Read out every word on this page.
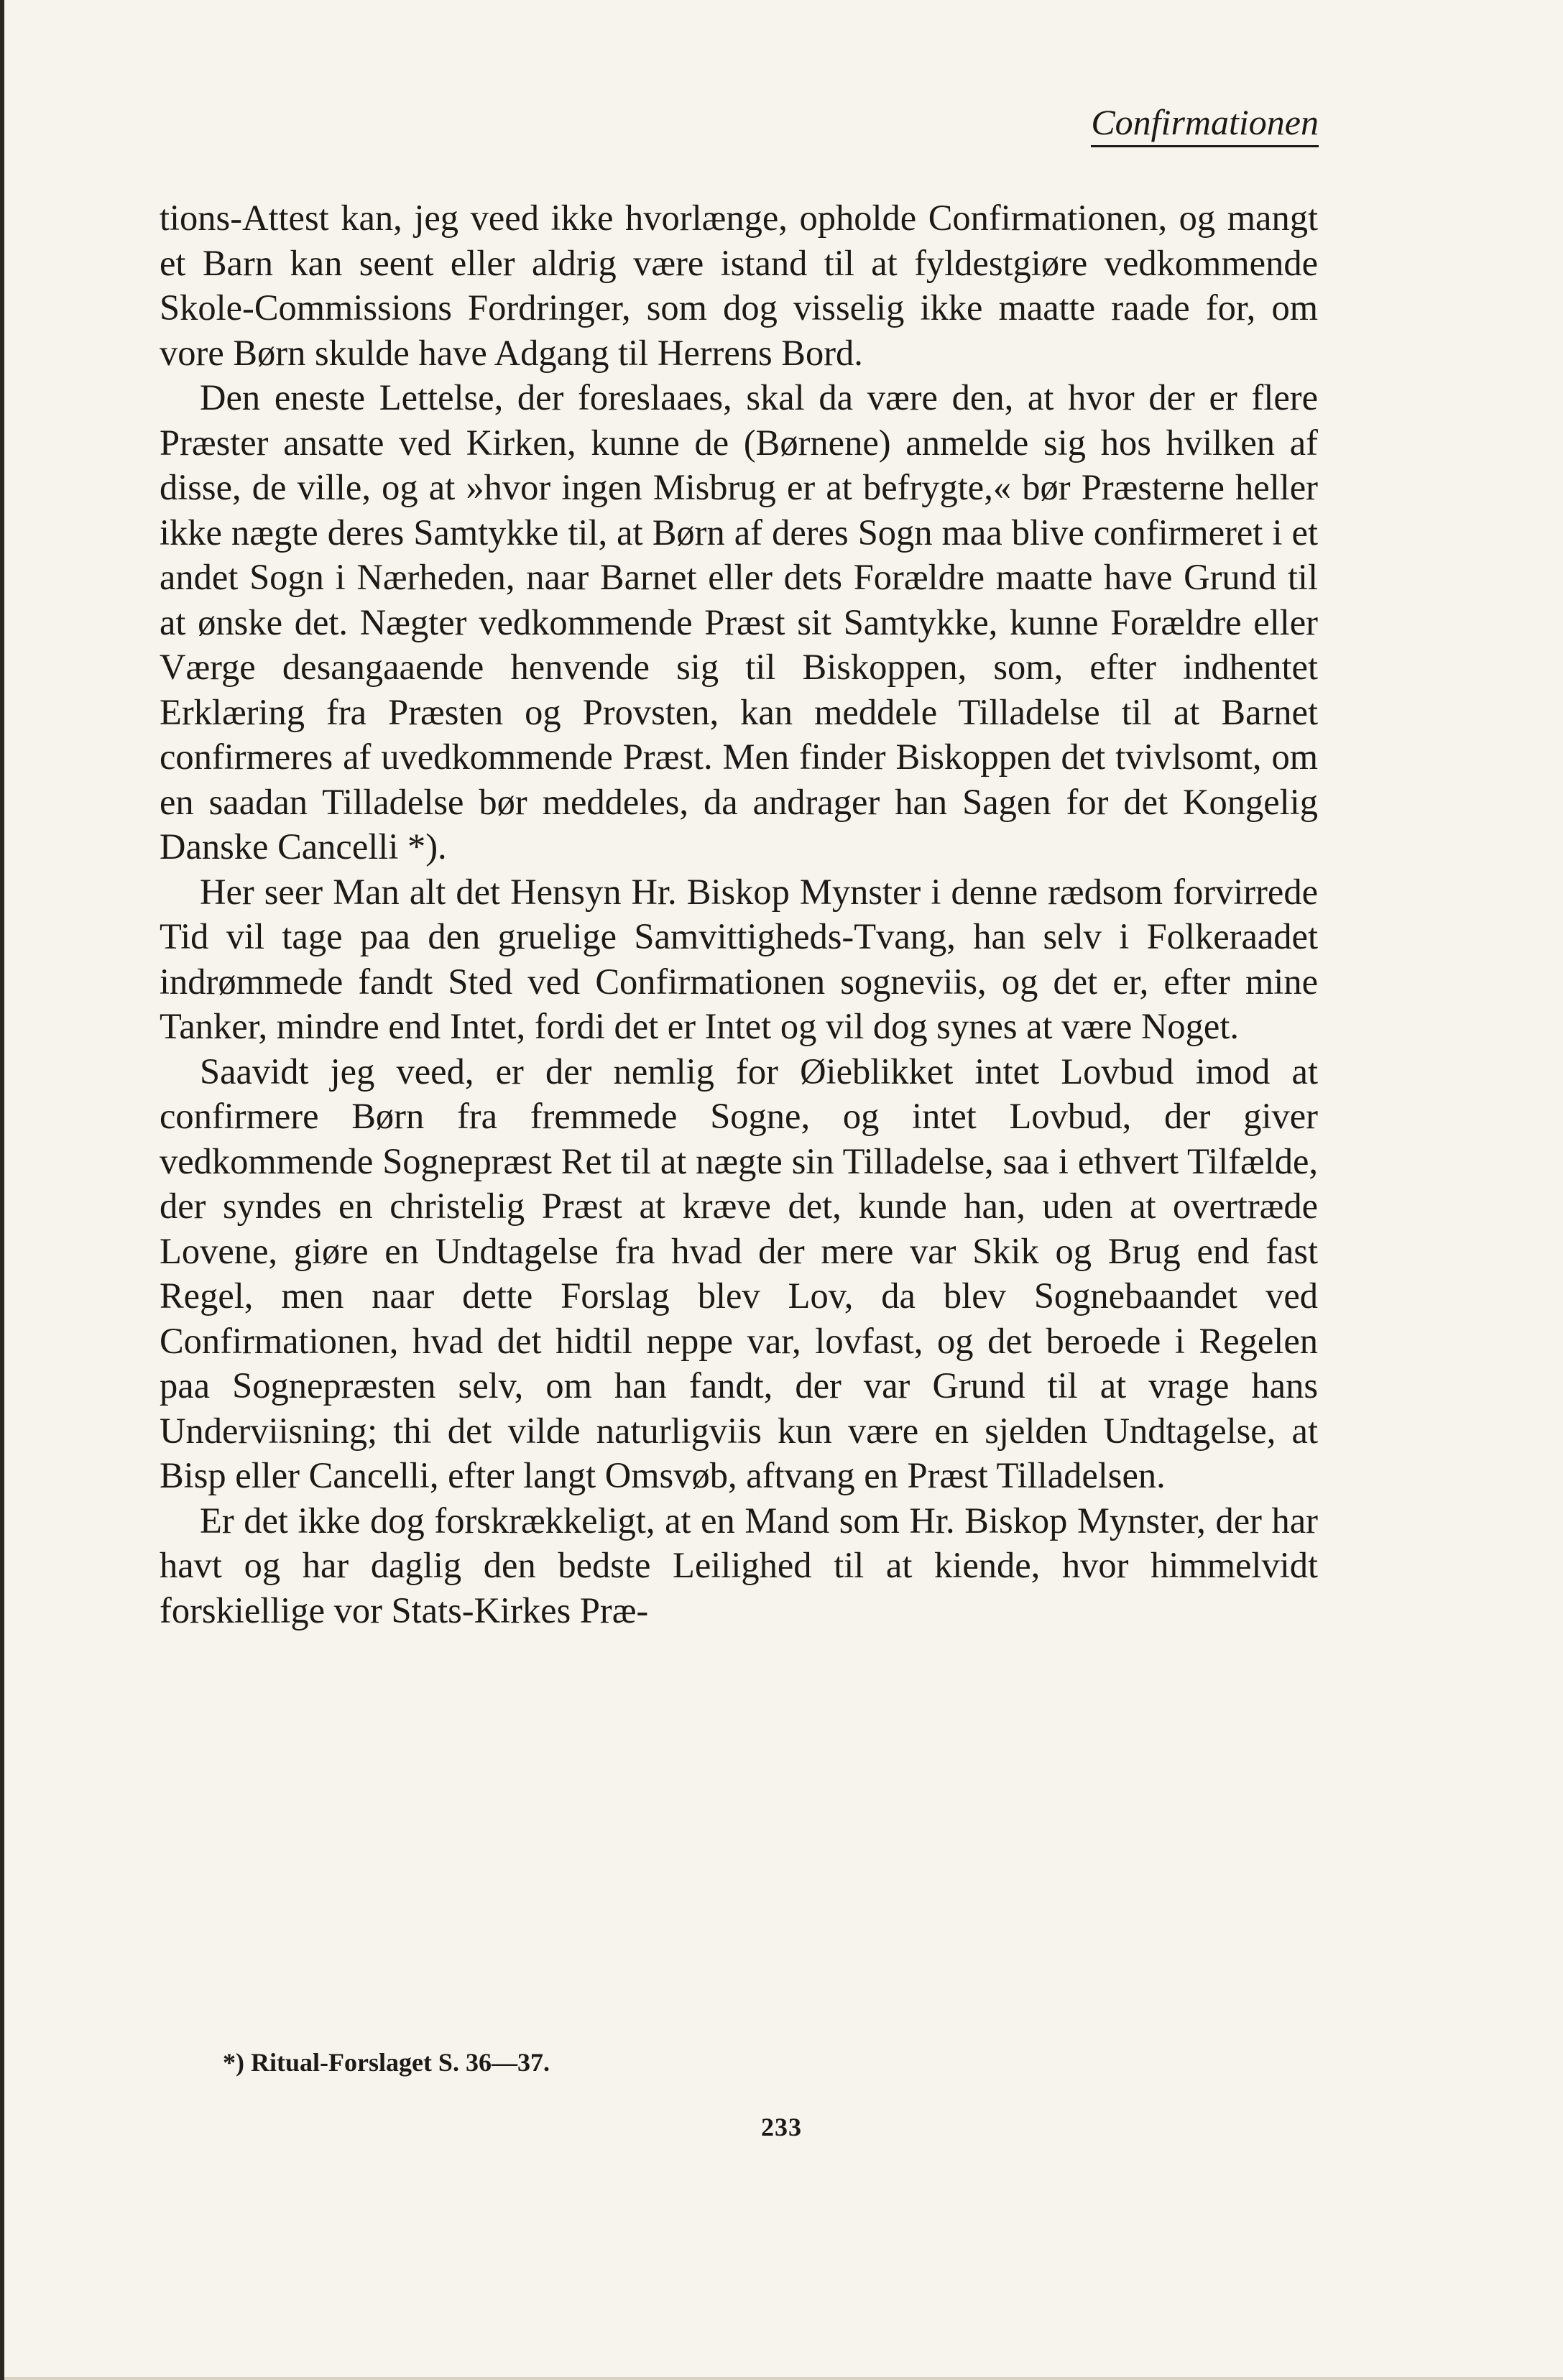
Confirmationen

tions-Attest kan, jeg veed ikke hvorlænge, opholde Confirmationen, og mangt et Barn kan seent eller aldrig være istand til at fyldestgiøre vedkommende Skole-Commissions Fordringer, som dog visselig ikke maatte raade for, om vore Børn skulde have Adgang til Herrens Bord.

Den eneste Lettelse, der foreslaaes, skal da være den, at hvor der er flere Præster ansatte ved Kirken, kunne de (Børnene) anmelde sig hos hvilken af disse, de ville, og at »hvor ingen Misbrug er at befrygte,« bør Præsterne heller ikke nægte deres Samtykke til, at Børn af deres Sogn maa blive confirmeret i et andet Sogn i Nærheden, naar Barnet eller dets Forældre maatte have Grund til at ønske det. Nægter vedkommende Præst sit Samtykke, kunne Forældre eller Værge desangaaende henvende sig til Biskoppen, som, efter indhentet Erklæring fra Præsten og Provsten, kan meddele Tilladelse til at Barnet confirmeres af uvedkommende Præst. Men finder Biskoppen det tvivlsomt, om en saadan Tilladelse bør meddeles, da andrager han Sagen for det Kongelig Danske Cancelli *).

Her seer Man alt det Hensyn Hr. Biskop Mynster i denne rædsom forvirrede Tid vil tage paa den gruelige Samvittigheds-Tvang, han selv i Folkeraadet indrømmede fandt Sted ved Confirmationen sogneviis, og det er, efter mine Tanker, mindre end Intet, fordi det er Intet og vil dog synes at være Noget.

Saavidt jeg veed, er der nemlig for Øieblikket intet Lovbud imod at confirmere Børn fra fremmede Sogne, og intet Lovbud, der giver vedkommende Sognepræst Ret til at nægte sin Tilladelse, saa i ethvert Tilfælde, der syndes en christelig Præst at kræve det, kunde han, uden at overtræde Lovene, giøre en Undtagelse fra hvad der mere var Skik og Brug end fast Regel, men naar dette Forslag blev Lov, da blev Sognebaandet ved Confirmationen, hvad det hidtil neppe var, lovfast, og det beroede i Regelen paa Sognepræsten selv, om han fandt, der var Grund til at vrage hans Underviisning; thi det vilde naturligviis kun være en sjelden Undtagelse, at Bisp eller Cancelli, efter langt Omsvøb, aftvang en Præst Tilladelsen.

Er det ikke dog forskrækkeligt, at en Mand som Hr. Biskop Mynster, der har havt og har daglig den bedste Leilighed til at kiende, hvor himmelvidt forskiellige vor Stats-Kirkes Præ-

*) Ritual-Forslaget S. 36—37.
233
